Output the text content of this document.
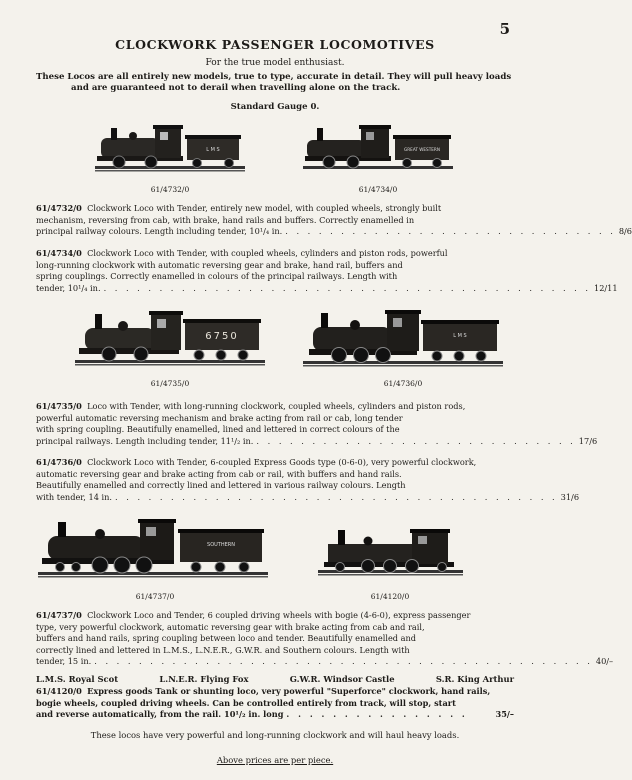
5
CLOCKWORK PASSENGER LOCOMOTIVES
For the true model enthusiast.
These Locos are all entirely new models, true to type, accurate in detail. They will pull heavy loads
and are guaranteed not to derail when travelling alone on the track.
Standard Gauge 0.
L M S
61/4732/0
GREAT WESTERN
61/4734/0
61/4732/0 Clockwork Loco with Tender, entirely new model, with coupled wheels, strongly built
mechanism, reversing from cab, with brake, hand rails and buffers. Correctly enamelled in
principal railway colours. Length including tender, 10¹/₄ in. . . . . . . . . . . . . . . . . . . . . . . . . . . . . . . 8/6
61/4734/0 Clockwork Loco with Tender, with coupled wheels, cylinders and piston rods, powerful
long-running clockwork with automatic reversing gear and brake, hand rail, buffers and
spring couplings. Correctly enamelled in colours of the principal railways. Length with
tender, 10¹/₄ in. . . . . . . . . . . . . . . . . . . . . . . . . . . . . . . . . . . . . . . . . . . . . 12/11
6750
61/4735/0
L M S
61/4736/0
61/4735/0 Loco with Tender, with long-running clockwork, coupled wheels, cylinders and piston rods,
powerful automatic reversing mechanism and brake acting from rail or cab, long tender
with spring coupling. Beautifully enamelled, lined and lettered in correct colours of the
principal railways. Length including tender, 11¹/₂ in. . . . . . . . . . . . . . . . . . . . . . . . . . . . . . 17/6
61/4736/0 Clockwork Loco with Tender, 6-coupled Express Goods type (0-6-0), very powerful clockwork,
automatic reversing gear and brake acting from cab or rail, with buffers and hand rails.
Beautifully enamelled and correctly lined and lettered in various railway colours. Length
with tender, 14 in. . . . . . . . . . . . . . . . . . . . . . . . . . . . . . . . . . . . . . . . . 31/6
SOUTHERN
61/4737/0	61/4120/0
61/4737/0 Clockwork Loco and Tender, 6 coupled driving wheels with bogie (4-6-0), express passenger
type, very powerful clockwork, automatic reversing gear with brake acting from cab and rail,
buffers and hand rails, spring coupling between loco and tender. Beautifully enamelled and
correctly lined and lettered in L.M.S., L.N.E.R., G.W.R. and Southern colours. Length with
tender, 15 in. . . . . . . . . . . . . . . . . . . . . . . . . . . . . . . . . . . . . . . . . . . . . . 40/–
L.M.S. Royal Scot	L.N.E.R. Flying Fox	G.W.R. Windsor Castle	S.R. King Arthur
61/4120/0 Express goods Tank or shunting loco, very powerful "Superforce" clockwork, hand rails,
bogie wheels, coupled driving wheels. Can be controlled entirely from track, will stop, start
and reverse automatically, from the rail. 10¹/₂ in. long . . . . . . . . . . . . . . . .	35/–
These locos have very powerful and long-running clockwork and will haul heavy loads.
Above prices are per piece.
